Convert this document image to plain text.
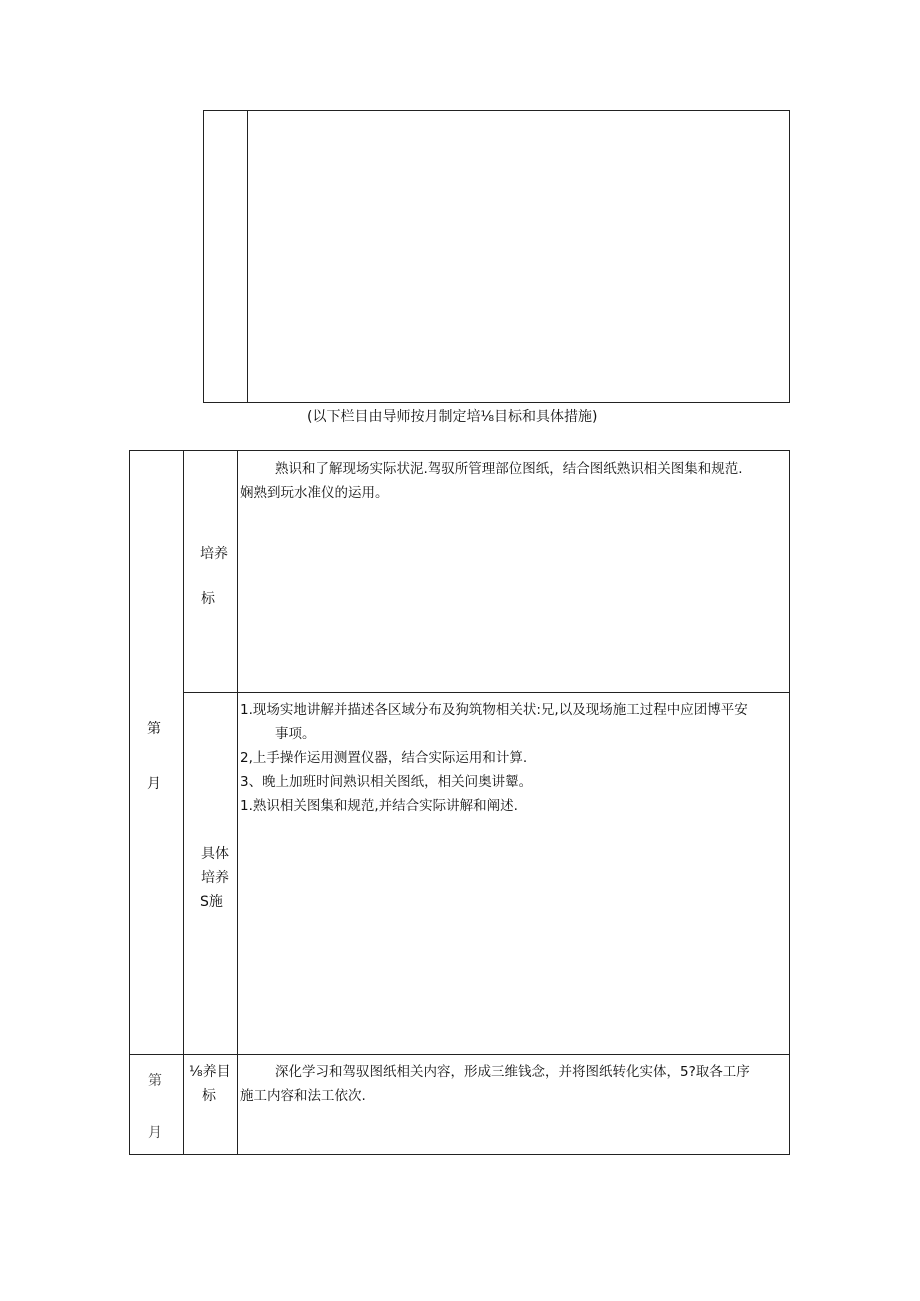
(以下栏目由导师按月制定培⅛目标和具体措施)
第
月
培养
标
熟识和了解现场实际状泥.驾驭所管理部位图纸，结合图纸熟识相关图集和规范.
娴熟到玩水准仪的运用。
具体
培养
S施
1.现场实地讲解并描述各区域分布及狗筑物相关状:兄,以及现场施工过程中应团博平安
事项。
2,上手操作运用测置仪器，结合实际运用和计算.
3、晚上加班时间熟识相关图纸，相关问奥讲颦。
1.熟识相关图集和规范,并结合实际讲解和阐述.
第
月
⅛养目
标
深化学习和驾驭图纸相关内容，形成三维钱念，并将图纸转化实体，5?取各工序
施工内容和法工依次.
